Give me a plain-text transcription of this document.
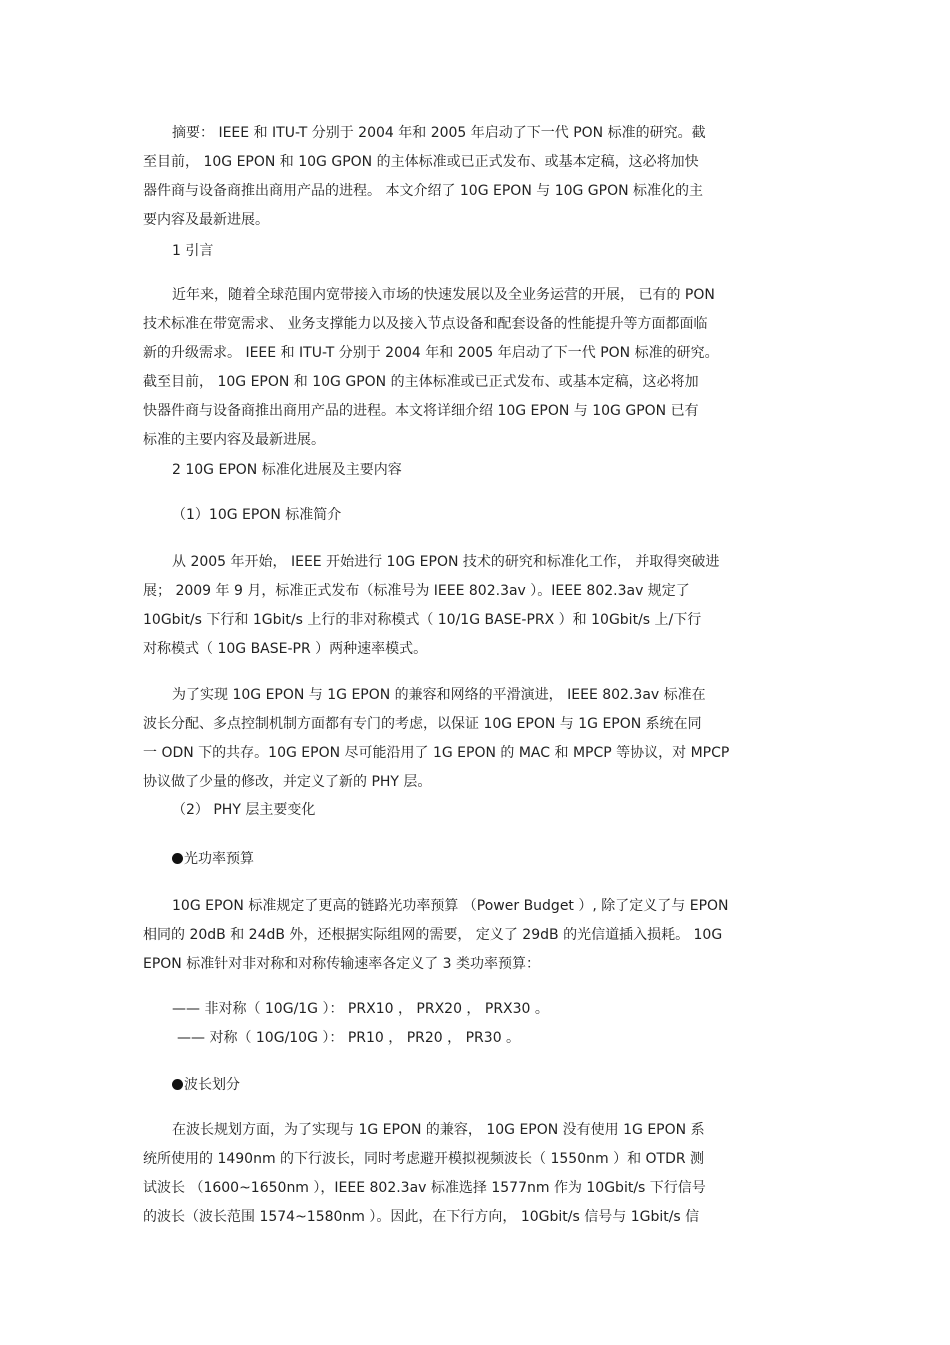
摘要： IEEE 和 ITU-T 分别于 2004 年和 2005 年启动了下一代 PON 标准的研究。截
至目前， 10G EPON 和 10G GPON 的主体标准或已正式发布、或基本定稿，这必将加快
器件商与设备商推出商用产品的进程。 本文介绍了 10G EPON 与 10G GPON 标准化的主
要内容及最新进展。
1 引言
近年来，随着全球范围内宽带接入市场的快速发展以及全业务运营的开展， 已有的 PON
技术标准在带宽需求、 业务支撑能力以及接入节点设备和配套设备的性能提升等方面都面临
新的升级需求。 IEEE 和 ITU-T 分别于 2004 年和 2005 年启动了下一代 PON 标准的研究。
截至目前， 10G EPON 和 10G GPON 的主体标准或已正式发布、或基本定稿，这必将加
快器件商与设备商推出商用产品的进程。本文将详细介绍 10G EPON 与 10G GPON 已有
标准的主要内容及最新进展。
2 10G EPON 标准化进展及主要内容
（1）10G EPON 标准简介
从 2005 年开始， IEEE 开始进行 10G EPON 技术的研究和标准化工作， 并取得突破进
展； 2009 年 9 月，标准正式发布（标准号为 IEEE 802.3av ）。IEEE 802.3av 规定了
10Gbit/s 下行和 1Gbit/s 上行的非对称模式（ 10/1G BASE-PRX ）和 10Gbit/s 上/下行
对称模式（ 10G BASE-PR ）两种速率模式。
为了实现 10G EPON 与 1G EPON 的兼容和网络的平滑演进， IEEE 802.3av 标准在
波长分配、多点控制机制方面都有专门的考虑，以保证 10G EPON 与 1G EPON 系统在同
一 ODN 下的共存。10G EPON 尽可能沿用了 1G EPON 的 MAC 和 MPCP 等协议，对 MPCP
协议做了少量的修改，并定义了新的 PHY 层。
（2） PHY 层主要变化
光功率预算
10G EPON 标准规定了更高的链路光功率预算 （Power Budget ）, 除了定义了与 EPON
相同的 20dB 和 24dB 外，还根据实际组网的需要， 定义了 29dB 的光信道插入损耗。 10G
EPON 标准针对非对称和对称传输速率各定义了 3 类功率预算：
—— 非对称（ 10G/1G ）： PRX10 ， PRX20 ， PRX30 。
—— 对称（ 10G/10G ）： PR10 ， PR20 ， PR30 。
波长划分
在波长规划方面，为了实现与 1G EPON 的兼容， 10G EPON 没有使用 1G EPON 系
统所使用的 1490nm 的下行波长，同时考虑避开模拟视频波长（ 1550nm ）和 OTDR 测
试波长 （1600~1650nm ），IEEE 802.3av 标准选择 1577nm 作为 10Gbit/s 下行信号
的波长（波长范围 1574~1580nm ）。因此，在下行方向， 10Gbit/s 信号与 1Gbit/s 信
